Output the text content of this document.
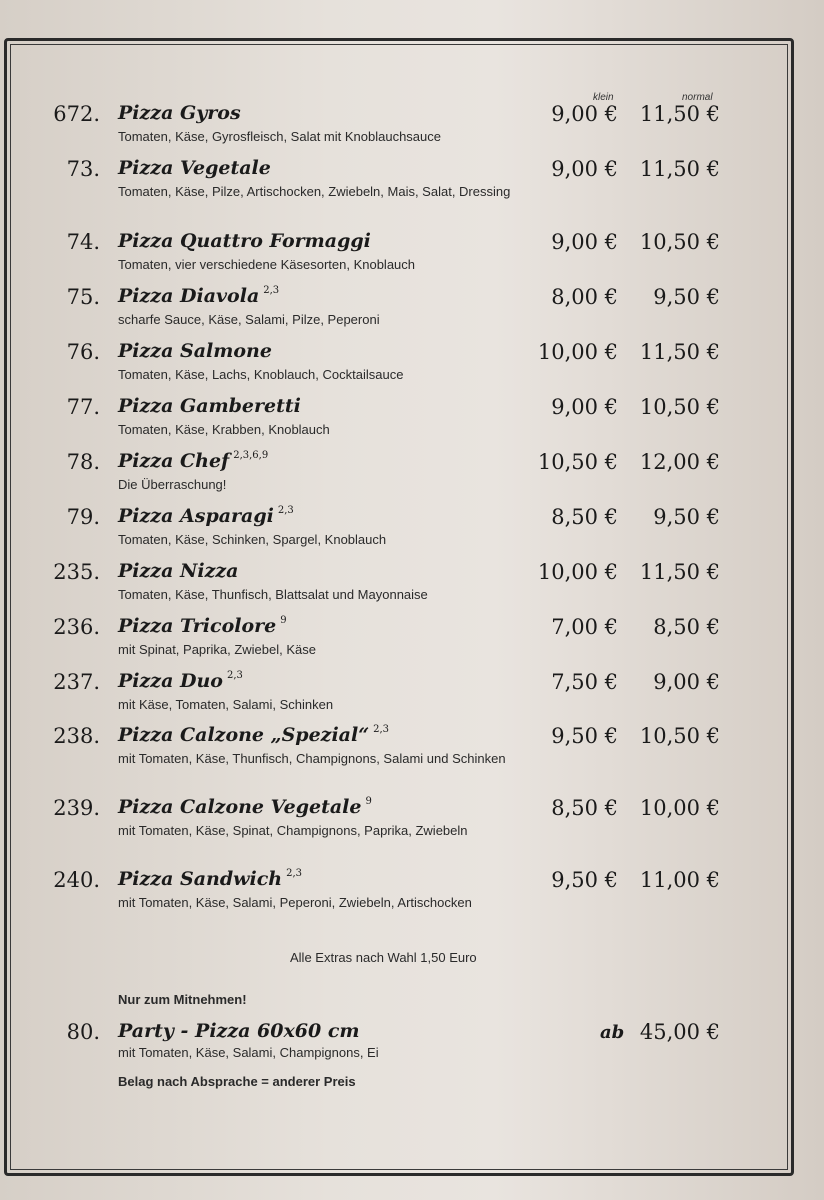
klein	normal
672. Pizza Gyros
Tomaten, Käse, Gyrosfleisch, Salat mit Knoblauchsauce
9,00 €	11,50 €
73. Pizza Vegetale
Tomaten, Käse, Pilze, Artischocken, Zwiebeln, Mais, Salat, Dressing
9,00 €	11,50 €
74. Pizza Quattro Formaggi
Tomaten, vier verschiedene Käsesorten, Knoblauch
9,00 €	10,50 €
75. Pizza Diavola $^{2,3}$
scharfe Sauce, Käse, Salami, Pilze, Peperoni
8,00 €	9,50 €
76. Pizza Salmone
Tomaten, Käse, Lachs, Knoblauch, Cocktailsauce
10,00 €	11,50 €
77. Pizza Gamberetti
Tomaten, Käse, Krabben, Knoblauch
9,00 €	10,50 €
78. Pizza Chef $^{2,3,6,9}$
Die Überraschung!
10,50 €	12,00 €
79. Pizza Asparagi $^{2,3}$
Tomaten, Käse, Schinken, Spargel, Knoblauch
8,50 €	9,50 €
235. Pizza Nizza
Tomaten, Käse, Thunfisch, Blattsalat und Mayonnaise
10,00 €	11,50 €
236. Pizza Tricolore $^9$
mit Spinat, Paprika, Zwiebel, Käse
7,00 €	8,50 €
237. Pizza Duo $^{2,3}$
mit Käse, Tomaten, Salami, Schinken
7,50 €	9,00 €
238. Pizza Calzone „Spezial“ $^{2,3}$
mit Tomaten, Käse, Thunfisch, Champignons, Salami und Schinken
9,50 €	10,50 €
239. Pizza Calzone Vegetale $^9$
mit Tomaten, Käse, Spinat, Champignons, Paprika, Zwiebeln
8,50 €	10,00 €
240. Pizza Sandwich $^{2,3}$
mit Tomaten, Käse, Salami, Peperoni, Zwiebeln, Artischocken
9,50 €	11,00 €
Alle Extras nach Wahl 1,50 Euro
Nur zum Mitnehmen!
80. Party - Pizza 60x60 cm
mit Tomaten, Käse, Salami, Champignons, Ei
ab 45,00 €
Belag nach Absprache = anderer Preis
